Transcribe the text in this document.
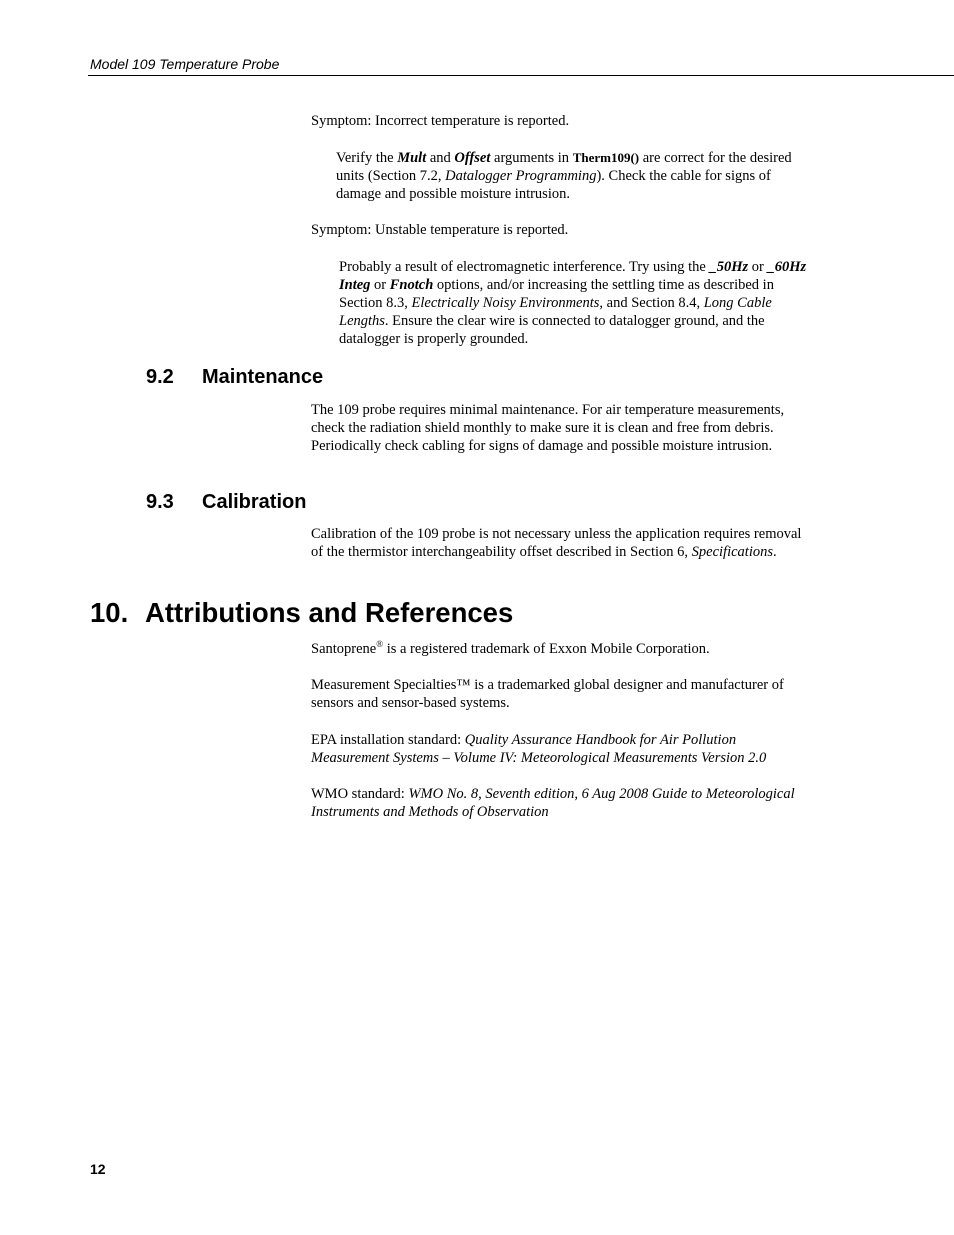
Model 109 Temperature Probe
Symptom: Incorrect temperature is reported.
Verify the Mult and Offset arguments in Therm109() are correct for the desired units (Section 7.2, Datalogger Programming). Check the cable for signs of damage and possible moisture intrusion.
Symptom: Unstable temperature is reported.
Probably a result of electromagnetic interference. Try using the _50Hz or _60Hz Integ or Fnotch options, and/or increasing the settling time as described in Section 8.3, Electrically Noisy Environments, and Section 8.4, Long Cable Lengths. Ensure the clear wire is connected to datalogger ground, and the datalogger is properly grounded.
9.2 Maintenance
The 109 probe requires minimal maintenance. For air temperature measurements, check the radiation shield monthly to make sure it is clean and free from debris. Periodically check cabling for signs of damage and possible moisture intrusion.
9.3 Calibration
Calibration of the 109 probe is not necessary unless the application requires removal of the thermistor interchangeability offset described in Section 6, Specifications.
10. Attributions and References
Santoprene® is a registered trademark of Exxon Mobile Corporation.
Measurement Specialties™ is a trademarked global designer and manufacturer of sensors and sensor-based systems.
EPA installation standard: Quality Assurance Handbook for Air Pollution Measurement Systems – Volume IV: Meteorological Measurements Version 2.0
WMO standard: WMO No. 8, Seventh edition, 6 Aug 2008 Guide to Meteorological Instruments and Methods of Observation
12
